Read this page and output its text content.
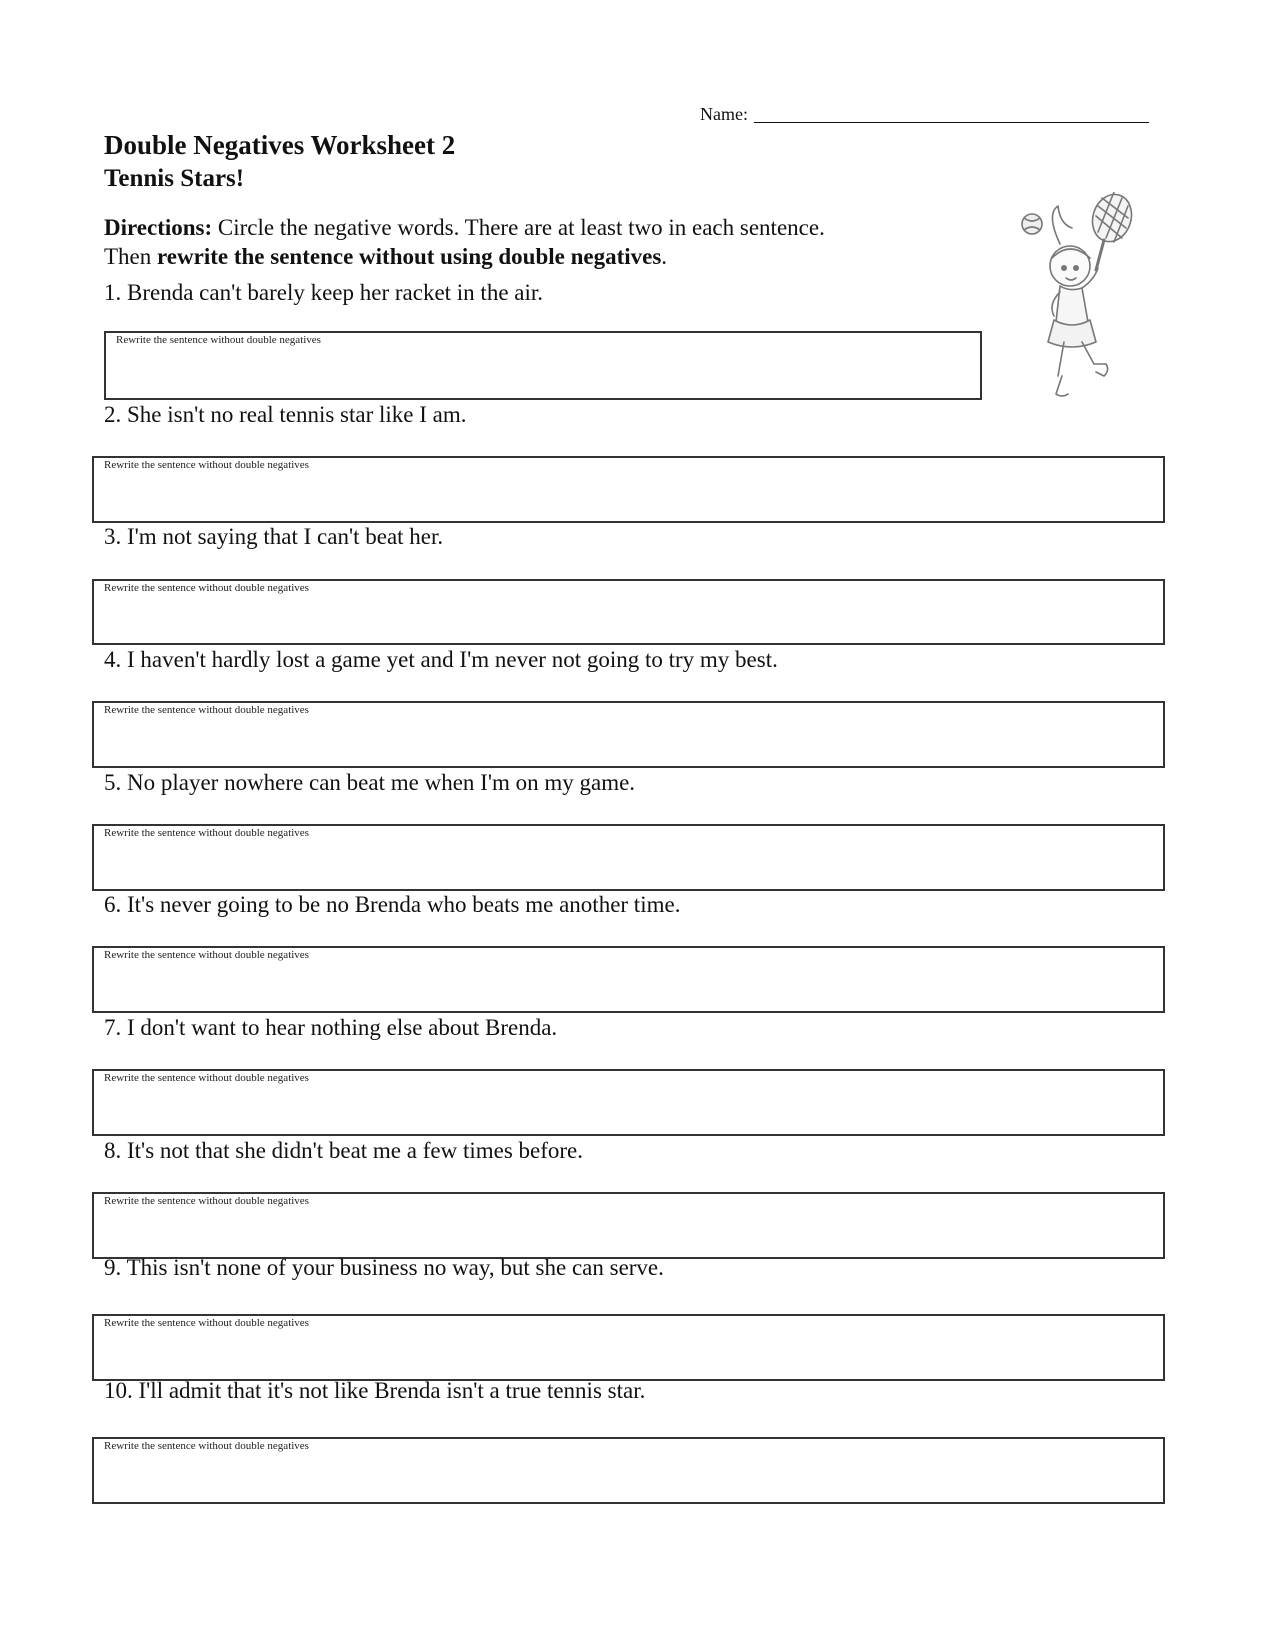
Name:
Double Negatives Worksheet 2
Tennis Stars!
Directions: Circle the negative words. There are at least two in each sentence.
Then rewrite the sentence without using double negatives.
1. Brenda can't barely keep her racket in the air.
Rewrite the sentence without double negatives
2. She isn't no real tennis star like I am.
Rewrite the sentence without double negatives
3. I'm not saying that I can't beat her.
Rewrite the sentence without double negatives
4. I haven't hardly lost a game yet and I'm never not going to try my best.
Rewrite the sentence without double negatives
5. No player nowhere can beat me when I'm on my game.
Rewrite the sentence without double negatives
6. It's never going to be no Brenda who beats me another time.
Rewrite the sentence without double negatives
7. I don't want to hear nothing else about Brenda.
Rewrite the sentence without double negatives
8. It's not that she didn't beat me a few times before.
Rewrite the sentence without double negatives
9. This isn't none of your business no way, but she can serve.
Rewrite the sentence without double negatives
10. I'll admit that it's not like Brenda isn't a true tennis star.
Rewrite the sentence without double negatives
